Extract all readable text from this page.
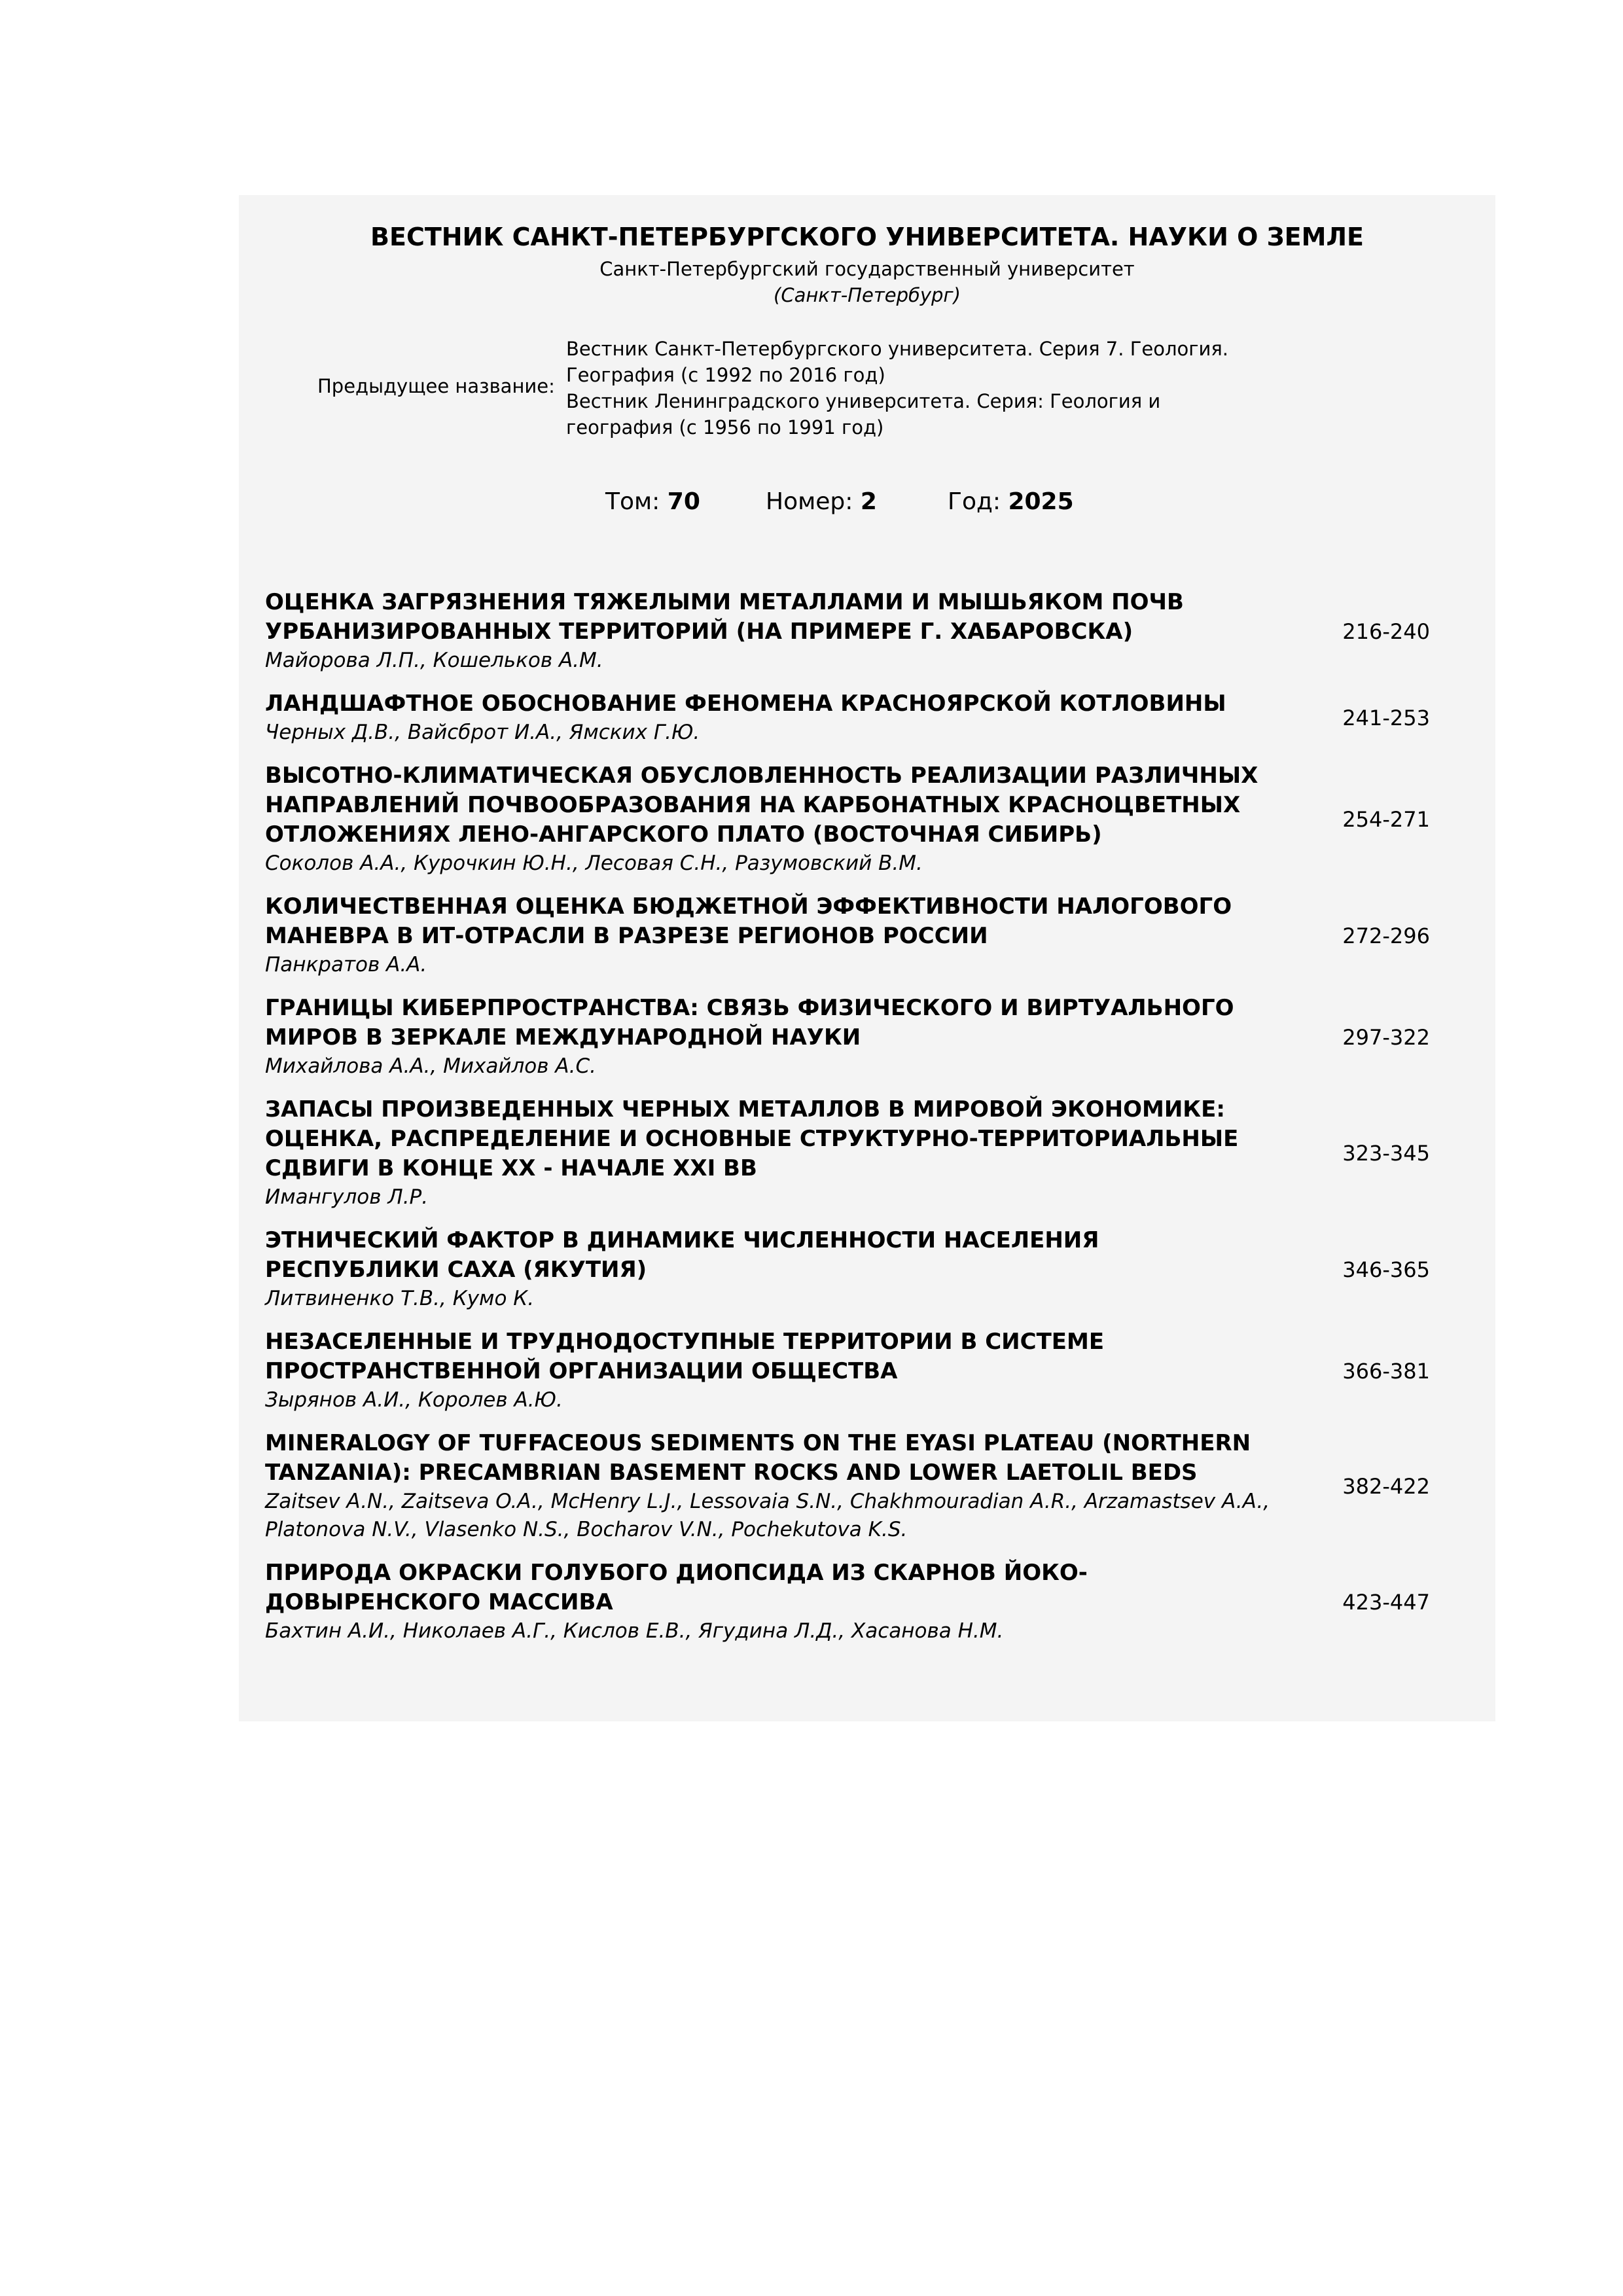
ВЕСТНИК САНКТ-ПЕТЕРБУРГСКОГО УНИВЕРСИТЕТА. НАУКИ О ЗЕМЛЕ
Санкт-Петербургский государственный университет
(Санкт-Петербург)
Предыдущее название:
Вестник Санкт-Петербургского университета. Серия 7. Геология. География (с 1992 по 2016 год)
Вестник Ленинградского университета. Серия: Геология и география (с 1956 по 1991 год)
Том: 70	Номер: 2	Год: 2025
ОЦЕНКА ЗАГРЯЗНЕНИЯ ТЯЖЕЛЫМИ МЕТАЛЛАМИ И МЫШЬЯКОМ ПОЧВ УРБАНИЗИРОВАННЫХ ТЕРРИТОРИЙ (НА ПРИМЕРЕ Г. ХАБАРОВСКА)
Майорова Л.П., Кошельков А.М.
216-240
ЛАНДШАФТНОЕ ОБОСНОВАНИЕ ФЕНОМЕНА КРАСНОЯРСКОЙ КОТЛОВИНЫ
Черных Д.В., Вайсброт И.А., Ямских Г.Ю.
241-253
ВЫСОТНО-КЛИМАТИЧЕСКАЯ ОБУСЛОВЛЕННОСТЬ РЕАЛИЗАЦИИ РАЗЛИЧНЫХ НАПРАВЛЕНИЙ ПОЧВООБРАЗОВАНИЯ НА КАРБОНАТНЫХ КРАСНОЦВЕТНЫХ ОТЛОЖЕНИЯХ ЛЕНО-АНГАРСКОГО ПЛАТО (ВОСТОЧНАЯ СИБИРЬ)
Соколов А.А., Курочкин Ю.Н., Лесовая С.Н., Разумовский В.М.
254-271
КОЛИЧЕСТВЕННАЯ ОЦЕНКА БЮДЖЕТНОЙ ЭФФЕКТИВНОСТИ НАЛОГОВОГО МАНЕВРА В ИТ-ОТРАСЛИ В РАЗРЕЗЕ РЕГИОНОВ РОССИИ
Панкратов А.А.
272-296
ГРАНИЦЫ КИБЕРПРОСТРАНСТВА: СВЯЗЬ ФИЗИЧЕСКОГО И ВИРТУАЛЬНОГО МИРОВ В ЗЕРКАЛЕ МЕЖДУНАРОДНОЙ НАУКИ
Михайлова А.А., Михайлов А.С.
297-322
ЗАПАСЫ ПРОИЗВЕДЕННЫХ ЧЕРНЫХ МЕТАЛЛОВ В МИРОВОЙ ЭКОНОМИКЕ: ОЦЕНКА, РАСПРЕДЕЛЕНИЕ И ОСНОВНЫЕ СТРУКТУРНО-ТЕРРИТОРИАЛЬНЫЕ СДВИГИ В КОНЦЕ XX - НАЧАЛЕ XXI ВВ
Имангулов Л.Р.
323-345
ЭТНИЧЕСКИЙ ФАКТОР В ДИНАМИКЕ ЧИСЛЕННОСТИ НАСЕЛЕНИЯ РЕСПУБЛИКИ САХА (ЯКУТИЯ)
Литвиненко Т.В., Кумо К.
346-365
НЕЗАСЕЛЕННЫЕ И ТРУДНОДОСТУПНЫЕ ТЕРРИТОРИИ В СИСТЕМЕ ПРОСТРАНСТВЕННОЙ ОРГАНИЗАЦИИ ОБЩЕСТВА
Зырянов А.И., Королев А.Ю.
366-381
MINERALOGY OF TUFFACEOUS SEDIMENTS ON THE EYASI PLATEAU (NORTHERN TANZANIA): PRECAMBRIAN BASEMENT ROCKS AND LOWER LAETOLIL BEDS
Zaitsev A.N., Zaitseva O.A., McHenry L.J., Lessovaia S.N., Chakhmouradian A.R., Arzamastsev A.A., Platonova N.V., Vlasenko N.S., Bocharov V.N., Pochekutova K.S.
382-422
ПРИРОДА ОКРАСКИ ГОЛУБОГО ДИОПСИДА ИЗ СКАРНОВ ЙОКО-ДОВЫРЕНСКОГО МАССИВА
Бахтин А.И., Николаев А.Г., Кислов Е.В., Ягудина Л.Д., Хасанова Н.М.
423-447
